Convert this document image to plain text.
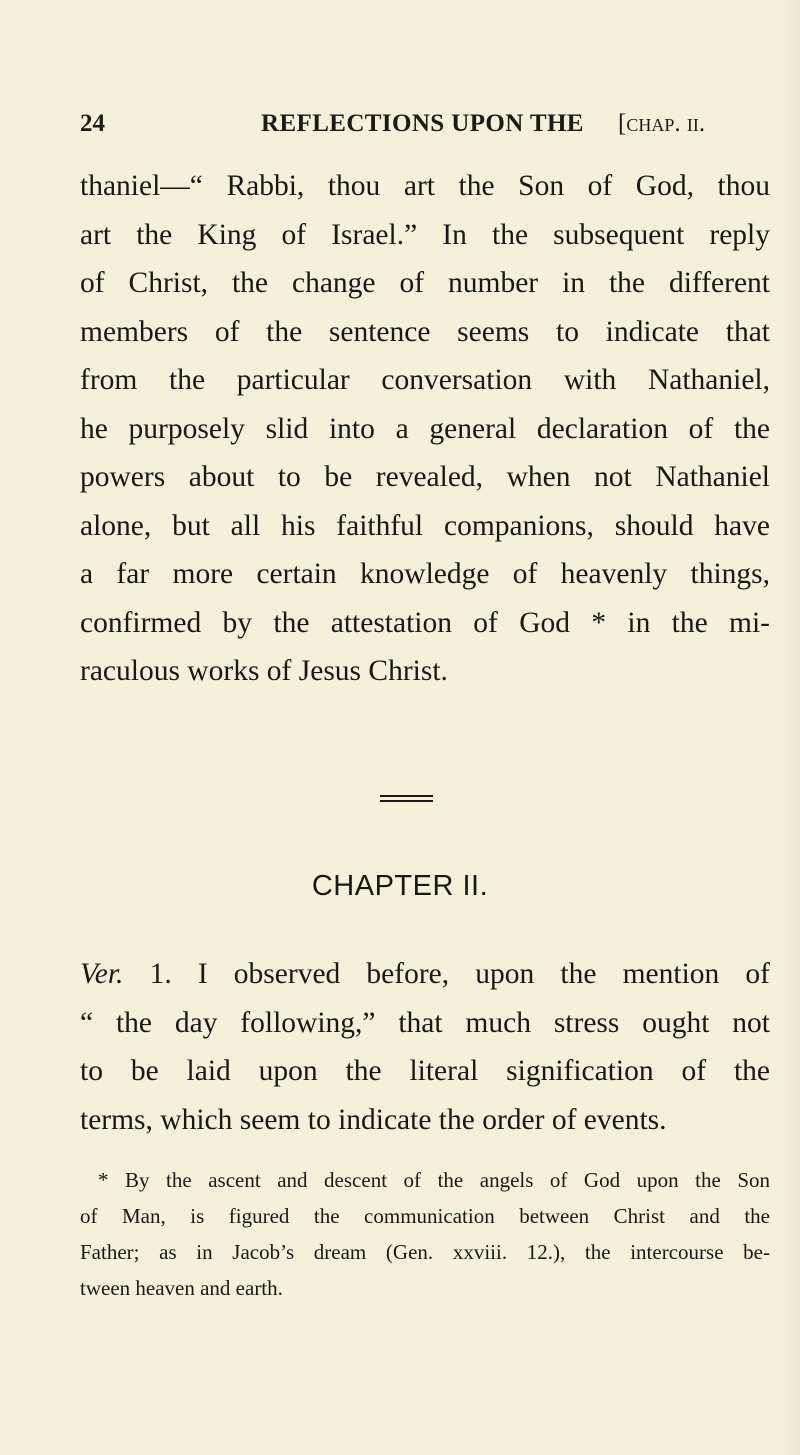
24	REFLECTIONS UPON THE [chap. ii.
thaniel—“ Rabbi, thou art the Son of God, thou
art the King of Israel.” In the subsequent reply
of Christ, the change of number in the different
members of the sentence seems to indicate that
from the particular conversation with Nathaniel,
he purposely slid into a general declaration of the
powers about to be revealed, when not Nathaniel
alone, but all his faithful companions, should have
a far more certain knowledge of heavenly things,
confirmed by the attestation of God * in the mi-
raculous works of Jesus Christ.
CHAPTER II.
Ver. 1. I observed before, upon the mention of
“ the day following,” that much stress ought not
to be laid upon the literal signification of the
terms, which seem to indicate the order of events.
* By the ascent and descent of the angels of God upon the Son
of Man, is figured the communication between Christ and the
Father; as in Jacob’s dream (Gen. xxviii. 12.), the intercourse be-
tween heaven and earth.
